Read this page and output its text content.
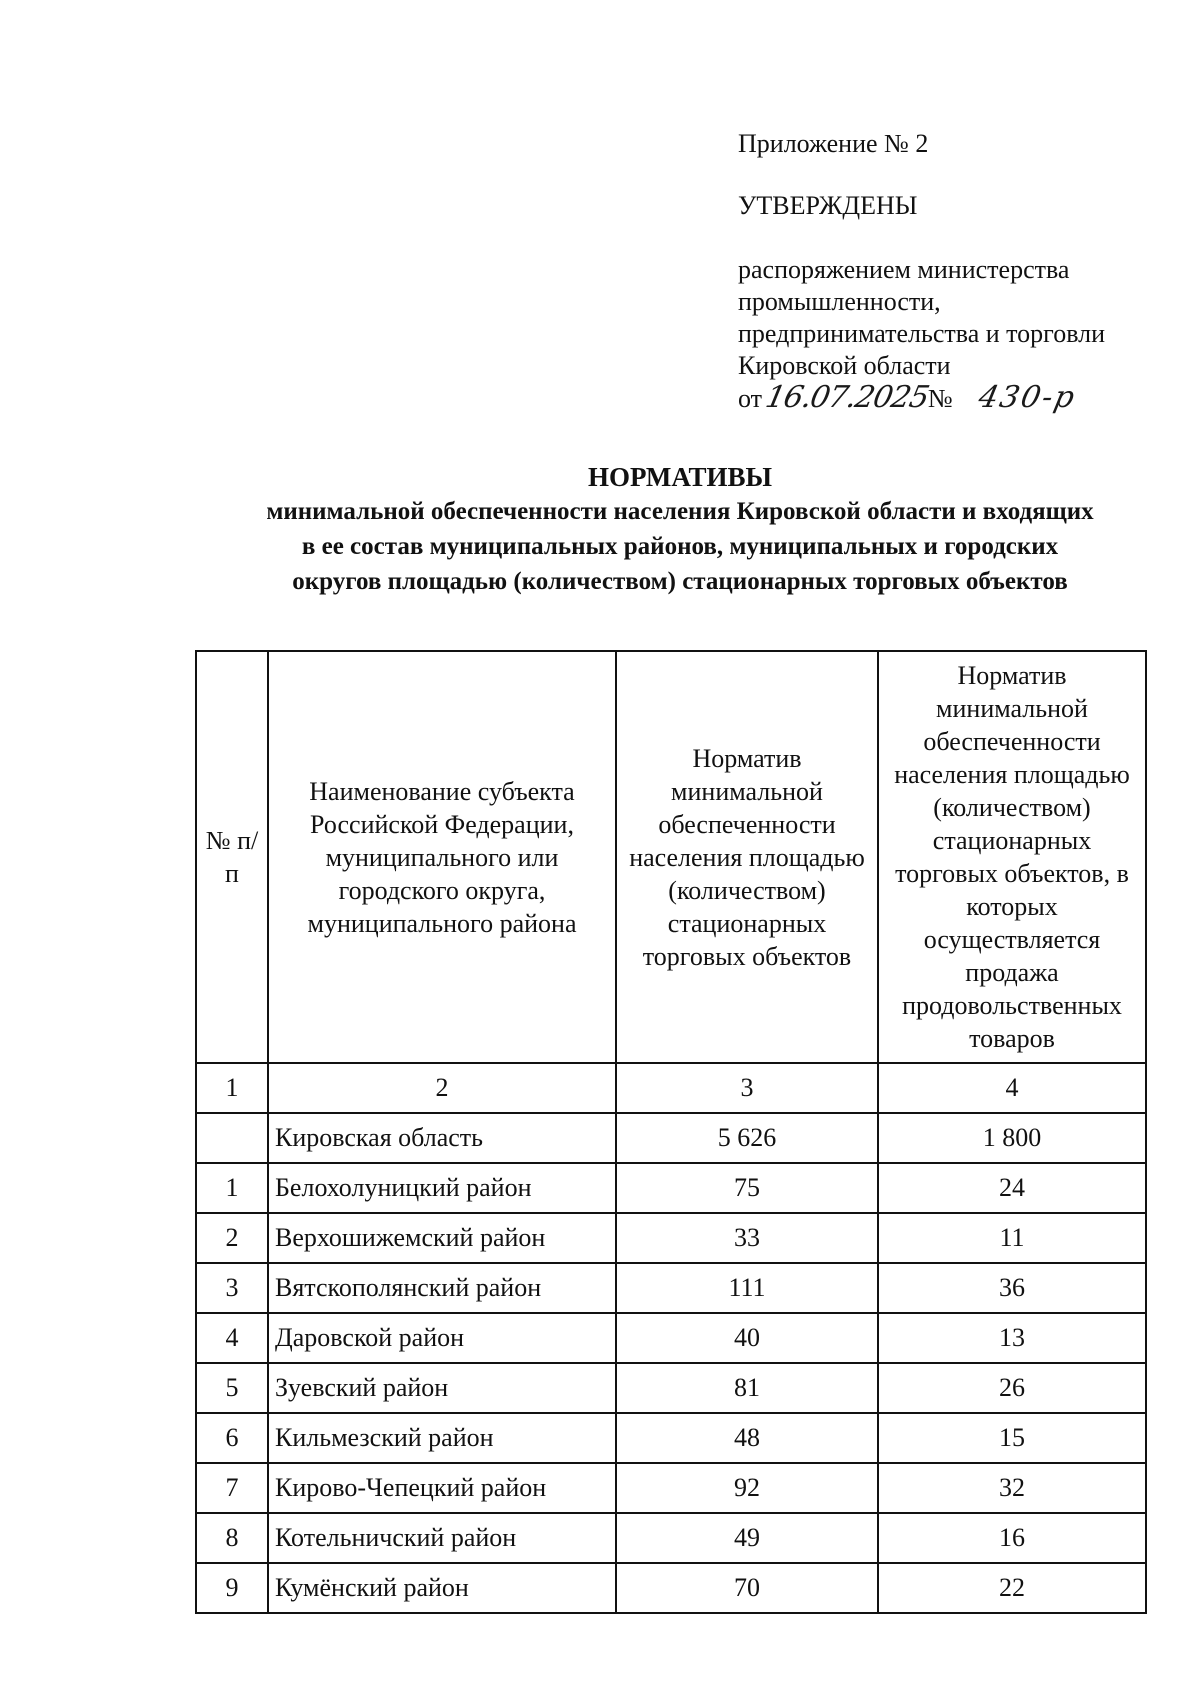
Приложение № 2
УТВЕРЖДЕНЫ
распоряжением министерства
промышленности,
предпринимательства и торговли
Кировской области
от 16.07.2025
№ 430-р
НОРМАТИВЫ
минимальной обеспеченности населения Кировской области и входящих
в ее состав муниципальных районов, муниципальных и городских
округов площадью (количеством) стационарных торговых объектов
№ п/п	Наименование субъекта Российской Федерации, муниципального или городского округа, муниципального района	Норматив минимальной обеспеченности населения площадью (количеством) стационарных торговых объектов	Норматив минимальной обеспеченности населения площадью (количеством) стационарных торговых объектов, в которых осуществляется продажа продовольственных товаров
1	2	3	4
	Кировская область	5 626	1 800
1	Белохолуницкий район	75	24
2	Верхошижемский район	33	11
3	Вятскополянский район	111	36
4	Даровской район	40	13
5	Зуевский район	81	26
6	Кильмезский район	48	15
7	Кирово-Чепецкий район	92	32
8	Котельничский район	49	16
9	Кумёнский район	70	22
